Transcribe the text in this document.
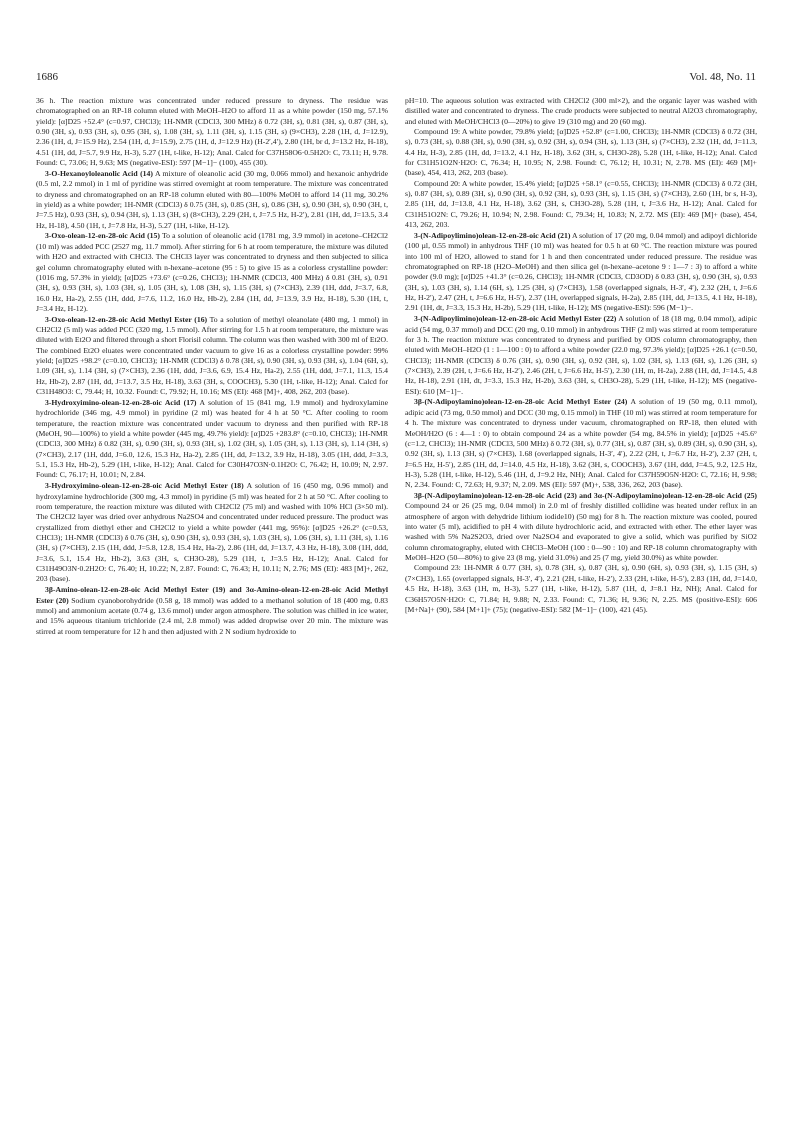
1686	Vol. 48, No. 11

36 h. The reaction mixture was concentrated under reduced pressure to dryness. The residue was chromatographed on an RP-18 column eluted with MeOH–H2O to afford 11 as a white powder (150 mg, 57.1% yield): [α]D25 +52.4° (c=0.97, CHCl3); 1H-NMR (CDCl3, 300 MHz) δ 0.72 (3H, s), 0.81 (3H, s), 0.87 (3H, s), 0.90 (3H, s), 0.93 (3H, s), 0.95 (3H, s), 1.08 (3H, s), 1.11 (3H, s), 1.15 (3H, s) (9×CH3), 2.28 (1H, d, J=12.9), 2.36 (1H, d, J=15.9 Hz), 2.54 (1H, d, J=15.9), 2.75 (1H, d, J=12.9 Hz) (H-2′,4′), 2.80 (1H, br d, J=13.2 Hz, H-18), 4.51 (1H, dd, J=5.7, 9.9 Hz, H-3), 5.27 (1H, t-like, H-12); Anal. Calcd for C37H58O6·0.5H2O: C, 73.11; H, 9.78. Found: C, 73.06; H, 9.63; MS (negative-ESI): 597 [M−1]− (100), 455 (30).

3-O-Hexanoyloleanolic Acid (14) A mixture of oleanolic acid (30 mg, 0.066 mmol) and hexanoic anhydride (0.5 ml, 2.2 mmol) in 1 ml of pyridine was stirred overnight at room temperature. The mixture was concentrated to dryness and chromatographed on an RP-18 column eluted with 80—100% MeOH to afford 14 (11 mg, 30.2% in yield) as a white powder; 1H-NMR (CDCl3) δ 0.75 (3H, s), 0.85 (3H, s), 0.86 (3H, s), 0.90 (3H, s), 0.90 (3H, t, J=7.5 Hz), 0.93 (3H, s), 0.94 (3H, s), 1.13 (3H, s) (8×CH3), 2.29 (2H, t, J=7.5 Hz, H-2′), 2.81 (1H, dd, J=13.5, 3.4 Hz, H-18), 4.50 (1H, t, J=7.8 Hz, H-3), 5.27 (1H, t-like, H-12).

3-Oxo-olean-12-en-28-oic Acid (15) To a solution of oleanolic acid (1781 mg, 3.9 mmol) in acetone–CH2Cl2 (10 ml) was added PCC (2527 mg, 11.7 mmol). After stirring for 6 h at room temperature, the mixture was diluted with H2O and extracted with CHCl3. The CHCl3 layer was concentrated to dryness and then subjected to silica gel column chromatography eluted with n-hexane–acetone (95 : 5) to give 15 as a colorless crystalline powder: (1016 mg, 57.3% in yield); [α]D25 +73.6° (c=0.26, CHCl3); 1H-NMR (CDCl3, 400 MHz) δ 0.81 (3H, s), 0.91 (3H, s), 0.93 (3H, s), 1.03 (3H, s), 1.05 (3H, s), 1.08 (3H, s), 1.15 (3H, s) (7×CH3), 2.39 (1H, ddd, J=3.7, 6.8, 16.0 Hz, Ha-2), 2.55 (1H, ddd, J=7.6, 11.2, 16.0 Hz, Hb-2), 2.84 (1H, dd, J=13.9, 3.9 Hz, H-18), 5.30 (1H, t, J=3.4 Hz, H-12).

3-Oxo-olean-12-en-28-oic Acid Methyl Ester (16) To a solution of methyl oleanolate (480 mg, 1 mmol) in CH2Cl2 (5 ml) was added PCC (320 mg, 1.5 mmol). After stirring for 1.5 h at room temperature, the mixture was diluted with Et2O and filtered through a short Florisil column. The column was then washed with 300 ml of Et2O. The combined Et2O eluates were concentrated under vacuum to give 16 as a colorless crystalline powder: 99% yield; [α]D25 +98.2° (c=0.10, CHCl3); 1H-NMR (CDCl3) δ 0.78 (3H, s), 0.90 (3H, s), 0.93 (3H, s), 1.04 (6H, s), 1.09 (3H, s), 1.14 (3H, s) (7×CH3), 2.36 (1H, ddd, J=3.6, 6.9, 15.4 Hz, Ha-2), 2.55 (1H, ddd, J=7.1, 11.3, 15.4 Hz, Hb-2), 2.87 (1H, dd, J=13.7, 3.5 Hz, H-18), 3.63 (3H, s, COOCH3), 5.30 (1H, t-like, H-12); Anal. Calcd for C31H48O3: C, 79.44; H, 10.32. Found: C, 79.92; H, 10.16; MS (EI): 468 [M]+, 408, 262, 203 (base).

3-Hydroxyimino-olean-12-en-28-oic Acid (17) A solution of 15 (841 mg, 1.9 mmol) and hydroxylamine hydrochloride (346 mg, 4.9 mmol) in pyridine (2 ml) was heated for 4 h at 50 °C. After cooling to room temperature, the reaction mixture was concentrated under vacuum to dryness and then purified with RP-18 (MeOH, 90—100%) to yield a white powder (445 mg, 49.7% yield): [α]D25 +283.8° (c=0.10, CHCl3); 1H-NMR (CDCl3, 300 MHz) δ 0.82 (3H, s), 0.90 (3H, s), 0.93 (3H, s), 1.02 (3H, s), 1.05 (3H, s), 1.13 (3H, s), 1.14 (3H, s) (7×CH3), 2.17 (1H, ddd, J=6.0, 12.6, 15.3 Hz, Ha-2), 2.85 (1H, dd, J=13.2, 3.9 Hz, H-18), 3.05 (1H, ddd, J=3.3, 5.1, 15.3 Hz, Hb-2), 5.29 (1H, t-like, H-12); Anal. Calcd for C30H47O3N·0.1H2O: C, 76.42; H, 10.09; N, 2.97. Found: C, 76.17; H, 10.01; N, 2.84.

3-Hydroxyimino-olean-12-en-28-oic Acid Methyl Ester (18) A solution of 16 (450 mg, 0.96 mmol) and hydroxylamine hydrochloride (300 mg, 4.3 mmol) in pyridine (5 ml) was heated for 2 h at 50 °C. After cooling to room temperature, the reaction mixture was diluted with CH2Cl2 (75 ml) and washed with 10% HCl (3×50 ml). The CH2Cl2 layer was dried over anhydrous Na2SO4 and concentrated under reduced pressure. The product was crystallized from diethyl ether and CH2Cl2 to yield a white powder (441 mg, 95%): [α]D25 +26.2° (c=0.53, CHCl3); 1H-NMR (CDCl3) δ 0.76 (3H, s), 0.90 (3H, s), 0.93 (3H, s), 1.03 (3H, s), 1.06 (3H, s), 1.11 (3H, s), 1.16 (3H, s) (7×CH3), 2.15 (1H, ddd, J=5.8, 12.8, 15.4 Hz, Ha-2), 2.86 (1H, dd, J=13.7, 4.3 Hz, H-18), 3.08 (1H, ddd, J=3.6, 5.1, 15.4 Hz, Hb-2), 3.63 (3H, s, CH3O-28), 5.29 (1H, t, J=3.5 Hz, H-12); Anal. Calcd for C31H49O3N·0.2H2O: C, 76.40; H, 10.22; N, 2.87. Found: C, 76.43; H, 10.11; N, 2.76; MS (EI): 483 [M]+, 262, 203 (base).

3β-Amino-olean-12-en-28-oic Acid Methyl Ester (19) and 3α-Amino-olean-12-en-28-oic Acid Methyl Ester (20) Sodium cyanoborohydride (0.58 g, 18 mmol) was added to a methanol solution of 18 (400 mg, 0.83 mmol) and ammonium acetate (0.74 g, 13.6 mmol) under argon atmosphere. The solution was chilled in ice water, and 15% aqueous titanium trichloride (2.4 ml, 2.8 mmol) was added dropwise over 20 min. The mixture was stirred at room temperature for 12 h and then adjusted with 2 N sodium hydroxide to

pH=10. The aqueous solution was extracted with CH2Cl2 (300 ml×2), and the organic layer was washed with distilled water and concentrated to dryness. The crude products were subjected to neutral Al2O3 chromatography, and eluted with MeOH/CHCl3 (0—20%) to give 19 (310 mg) and 20 (60 mg).

Compound 19: A white powder, 79.8% yield; [α]D25 +52.8° (c=1.00, CHCl3); 1H-NMR (CDCl3) δ 0.72 (3H, s), 0.73 (3H, s), 0.88 (3H, s), 0.90 (3H, s), 0.92 (3H, s), 0.94 (3H, s), 1.13 (3H, s) (7×CH3), 2.32 (1H, dd, J=11.3, 4.4 Hz, H-3), 2.85 (1H, dd, J=13.2, 4.1 Hz, H-18), 3.62 (3H, s, CH3O-28), 5.28 (1H, t-like, H-12); Anal. Calcd for C31H51O2N·H2O: C, 76.34; H, 10.95; N, 2.98. Found: C, 76.12; H, 10.31; N, 2.78. MS (EI): 469 [M]+ (base), 454, 413, 262, 203 (base).

Compound 20: A white powder, 15.4% yield; [α]D25 +58.1° (c=0.55, CHCl3); 1H-NMR (CDCl3) δ 0.72 (3H, s), 0.87 (3H, s), 0.89 (3H, s), 0.90 (3H, s), 0.92 (3H, s), 0.93 (3H, s), 1.15 (3H, s) (7×CH3), 2.60 (1H, br s, H-3), 2.85 (1H, dd, J=13.8, 4.1 Hz, H-18), 3.62 (3H, s, CH3O-28), 5.28 (1H, t, J=3.6 Hz, H-12); Anal. Calcd for C31H51O2N: C, 79.26; H, 10.94; N, 2.98. Found: C, 79.34; H, 10.83; N, 2.72. MS (EI): 469 [M]+ (base), 454, 413, 262, 203.

3-(N-Adipoylimino)olean-12-en-28-oic Acid (21) A solution of 17 (20 mg, 0.04 mmol) and adipoyl dichloride (100 µl, 0.55 mmol) in anhydrous THF (10 ml) was heated for 0.5 h at 60 °C. The reaction mixture was poured into 100 ml of H2O, allowed to stand for 1 h and then concentrated under reduced pressure. The residue was chromatographed on RP-18 (H2O–MeOH) and then silica gel (n-hexane–acetone 9 : 1—7 : 3) to afford a white powder (9.0 mg); [α]D25 +41.3° (c=0.26, CHCl3); 1H-NMR (CDCl3, CD3OD) δ 0.83 (3H, s), 0.90 (3H, s), 0.93 (3H, s), 1.03 (3H, s), 1.14 (6H, s), 1.25 (3H, s) (7×CH3), 1.58 (overlapped signals, H-3′, 4′), 2.32 (2H, t, J=6.6 Hz, H-2′), 2.47 (2H, t, J=6.6 Hz, H-5′), 2.37 (1H, overlapped signals, H-2a), 2.85 (1H, dd, J=13.5, 4.1 Hz, H-18), 2.91 (1H, dt, J=3.3, 15.3 Hz, H-2b), 5.29 (1H, t-like, H-12); MS (negative-ESI): 596 (M−1)−.

3-(N-Adipoylimino)olean-12-en-28-oic Acid Methyl Ester (22) A solution of 18 (18 mg, 0.04 mmol), adipic acid (54 mg, 0.37 mmol) and DCC (20 mg, 0.10 mmol) in anhydrous THF (2 ml) was stirred at room temperature for 3 h. The reaction mixture was concentrated to dryness and purified by ODS column chromatography, then eluted with MeOH–H2O (1 : 1—100 : 0) to afford a white powder (22.0 mg, 97.3% yield); [α]D25 +26.1 (c=0.50, CHCl3); 1H-NMR (CDCl3) δ 0.76 (3H, s), 0.90 (3H, s), 0.92 (3H, s), 1.02 (3H, s), 1.13 (6H, s), 1.26 (3H, s) (7×CH3), 2.39 (2H, t, J=6.6 Hz, H-2′), 2.46 (2H, t, J=6.6 Hz, H-5′), 2.30 (1H, m, H-2a), 2.88 (1H, dd, J=14.5, 4.8 Hz, H-18), 2.91 (1H, dt, J=3.3, 15.3 Hz, H-2b), 3.63 (3H, s, CH3O-28), 5.29 (1H, t-like, H-12); MS (negative-ESI): 610 [M−1]−.

3β-(N-Adipoylamino)olean-12-en-28-oic Acid Methyl Ester (24) A solution of 19 (50 mg, 0.11 mmol), adipic acid (73 mg, 0.50 mmol) and DCC (30 mg, 0.15 mmol) in THF (10 ml) was stirred at room temperature for 4 h. The mixture was concentrated to dryness under vacuum, chromatographed on RP-18, then eluted with MeOH/H2O (6 : 4—1 : 0) to obtain compound 24 as a white powder (54 mg, 84.5% in yield); [α]D25 +45.6° (c=1.2, CHCl3); 1H-NMR (CDCl3, 500 MHz) δ 0.72 (3H, s), 0.77 (3H, s), 0.87 (3H, s), 0.89 (3H, s), 0.90 (3H, s), 0.92 (3H, s), 1.13 (3H, s) (7×CH3), 1.68 (overlapped signals, H-3′, 4′), 2.22 (2H, t, J=6.7 Hz, H-2′), 2.37 (2H, t, J=6.5 Hz, H-5′), 2.85 (1H, dd, J=14.0, 4.5 Hz, H-18), 3.62 (3H, s, COOCH3), 3.67 (1H, ddd, J=4.5, 9.2, 12.5 Hz, H-3), 5.28 (1H, t-like, H-12), 5.46 (1H, d, J=9.2 Hz, NH); Anal. Calcd for C37H59O5N·H2O: C, 72.16; H, 9.98; N, 2.34. Found: C, 72.63; H, 9.37; N, 2.09. MS (EI): 597 (M)+, 538, 336, 262, 203 (base).

3β-(N-Adipoylamino)olean-12-en-28-oic Acid (23) and 3α-(N-Adipoylamino)olean-12-en-28-oic Acid (25) Compound 24 or 26 (25 mg, 0.04 mmol) in 2.0 ml of freshly distilled collidine was heated under reflux in an atmosphere of argon with dehydride lithium iodide10) (50 mg) for 8 h. The reaction mixture was cooled, poured into water (5 ml), acidified to pH 4 with dilute hydrochloric acid, and extracted with ether. The ether layer was washed with 5% Na2S2O3, dried over Na2SO4 and evaporated to give a solid, which was purified by SiO2 column chromatography, eluted with CHCl3–MeOH (100 : 0—90 : 10) and RP-18 column chromatography with MeOH–H2O (50—80%) to give 23 (8 mg, yield 31.0%) and 25 (7 mg, yield 30.0%) as white powder.

Compound 23: 1H-NMR δ 0.77 (3H, s), 0.78 (3H, s), 0.87 (3H, s), 0.90 (6H, s), 0.93 (3H, s), 1.15 (3H, s) (7×CH3), 1.65 (overlapped signals, H-3′, 4′), 2.21 (2H, t-like, H-2′), 2.33 (2H, t-like, H-5′), 2.83 (1H, dd, J=14.0, 4.5 Hz, H-18), 3.63 (1H, m, H-3), 5.27 (1H, t-like, H-12), 5.87 (1H, d, J=8.1 Hz, NH); Anal. Calcd for C36H57O5N·H2O: C, 71.84; H, 9.88; N, 2.33. Found: C, 71.36; H, 9.36; N, 2.25. MS (positive-ESI): 606 [M+Na]+ (90), 584 [M+1]+ (75); (negative-ESI): 582 [M−1]− (100), 421 (45).
